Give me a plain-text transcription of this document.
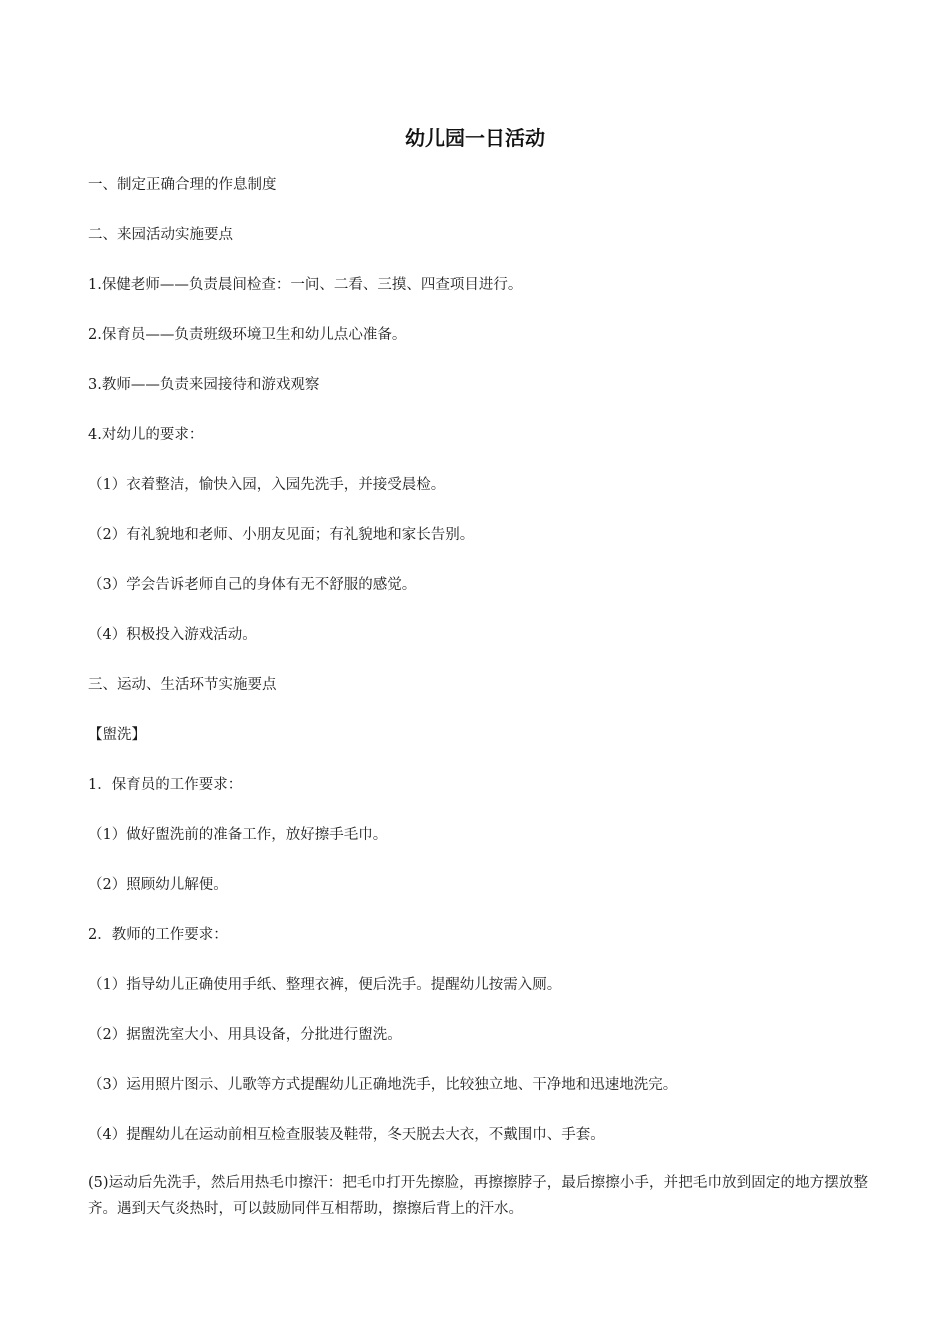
幼儿园一日活动

一、制定正确合理的作息制度

二、来园活动实施要点

1.保健老师——负责晨间检查：一问、二看、三摸、四查项目进行。

2.保育员——负责班级环境卫生和幼儿点心准备。

3.教师——负责来园接待和游戏观察

4.对幼儿的要求：

（1）衣着整洁，愉快入园，入园先洗手，并接受晨检。

（2）有礼貌地和老师、小朋友见面；有礼貌地和家长告别。

（3）学会告诉老师自己的身体有无不舒服的感觉。

（4）积极投入游戏活动。

三、运动、生活环节实施要点

【盥洗】

1．保育员的工作要求：

（1）做好盥洗前的准备工作，放好擦手毛巾。

（2）照顾幼儿解便。

2．教师的工作要求：

（1）指导幼儿正确使用手纸、整理衣裤，便后洗手。提醒幼儿按需入厕。

（2）据盥洗室大小、用具设备，分批进行盥洗。

（3）运用照片图示、儿歌等方式提醒幼儿正确地洗手，比较独立地、干净地和迅速地洗完。

（4）提醒幼儿在运动前相互检查服装及鞋带，冬天脱去大衣，不戴围巾、手套。

(5)运动后先洗手，然后用热毛巾擦汗：把毛巾打开先擦脸，再擦擦脖子，最后擦擦小手，并把毛巾放到固定的地方摆放整齐。遇到天气炎热时，可以鼓励同伴互相帮助，擦擦后背上的汗水。
